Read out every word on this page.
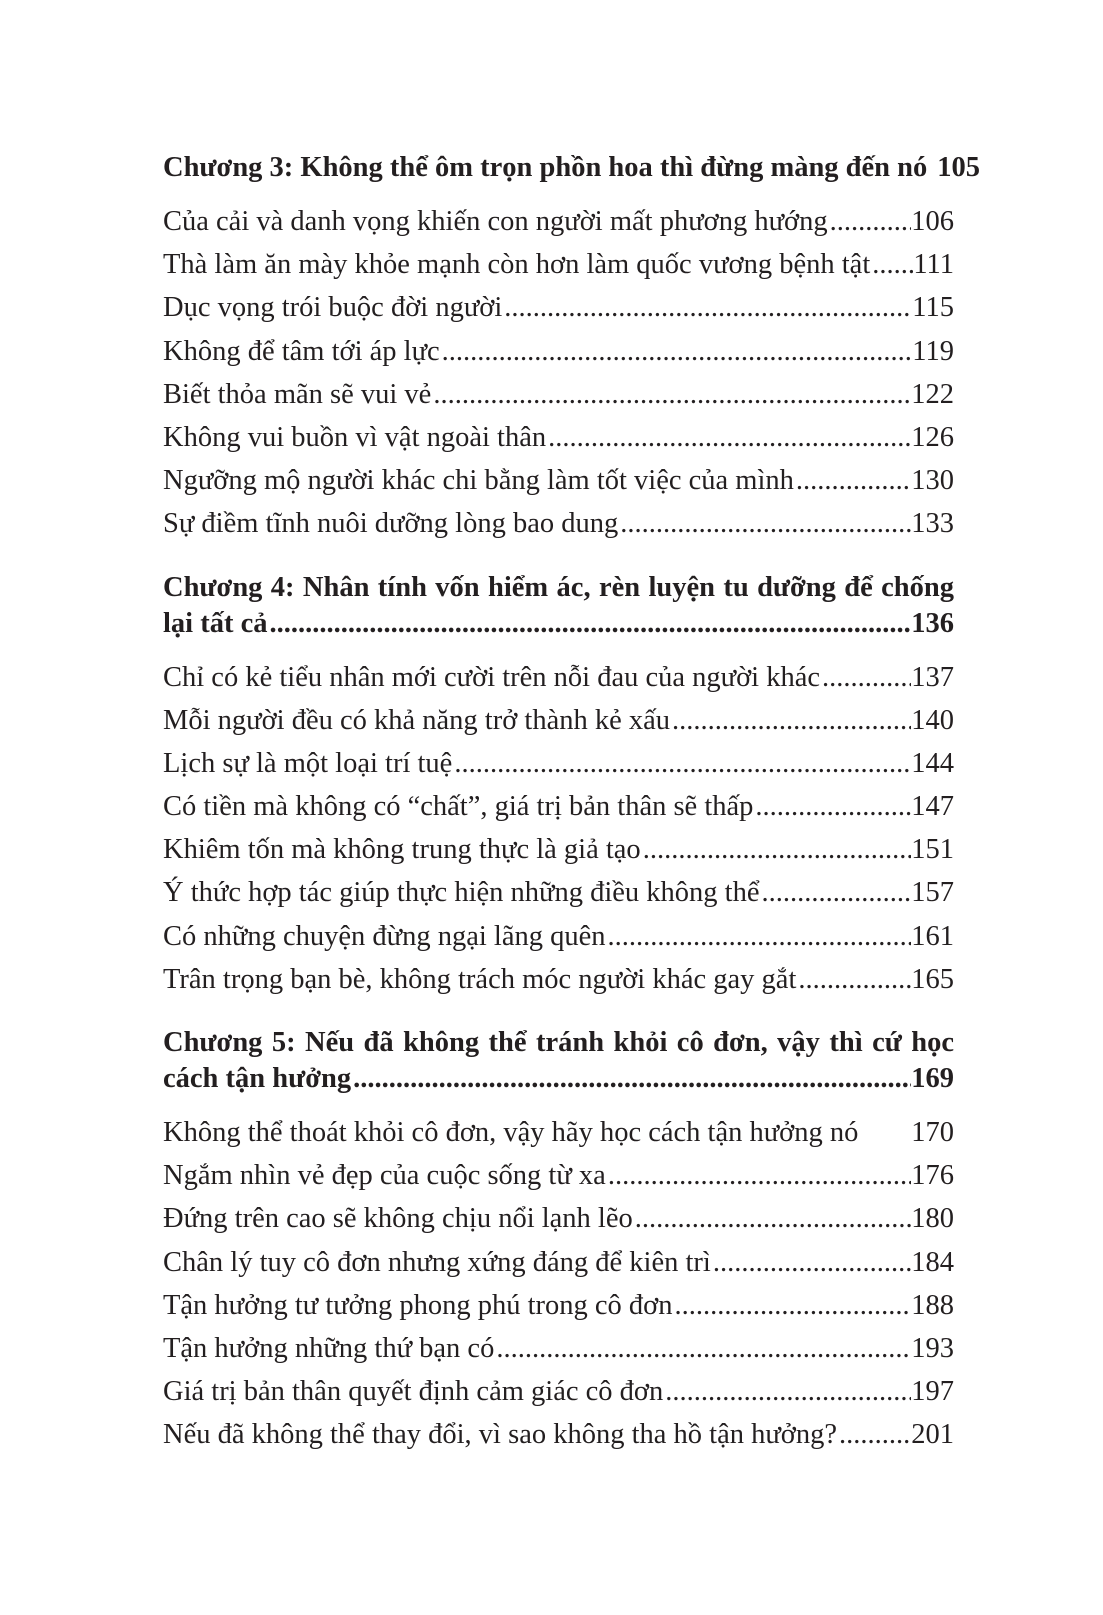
Chương 3: Không thể ôm trọn phồn hoa thì đừng màng đến nó 105
Của cải và danh vọng khiến con người mất phương hướng .....	106
Thà làm ăn mày khỏe mạnh còn hơn làm quốc vương bệnh tật ..... 111
Dục vọng trói buộc đời người .....	115
Không để tâm tới áp lực .....	119
Biết thỏa mãn sẽ vui vẻ .....	122
Không vui buồn vì vật ngoài thân .....	126
Ngưỡng mộ người khác chi bằng làm tốt việc của mình .....	130
Sự điềm tĩnh nuôi dưỡng lòng bao dung .....	133
Chương 4: Nhân tính vốn hiểm ác, rèn luyện tu dưỡng để chống
lại tất cả .....	136
Chỉ có kẻ tiểu nhân mới cười trên nỗi đau của người khác .....	137
Mỗi người đều có khả năng trở thành kẻ xấu .....	140
Lịch sự là một loại trí tuệ .....	144
Có tiền mà không có “chất”, giá trị bản thân sẽ thấp .....	147
Khiêm tốn mà không trung thực là giả tạo .....	151
Ý thức hợp tác giúp thực hiện những điều không thể .....	157
Có những chuyện đừng ngại lãng quên .....	161
Trân trọng bạn bè, không trách móc người khác gay gắt .....	165
Chương 5: Nếu đã không thể tránh khỏi cô đơn, vậy thì cứ học
cách tận hưởng .....	169
Không thể thoát khỏi cô đơn, vậy hãy học cách tận hưởng nó 170
Ngắm nhìn vẻ đẹp của cuộc sống từ xa .....	176
Đứng trên cao sẽ không chịu nổi lạnh lẽo .....	180
Chân lý tuy cô đơn nhưng xứng đáng để kiên trì .....	184
Tận hưởng tư tưởng phong phú trong cô đơn .....	188
Tận hưởng những thứ bạn có .....	193
Giá trị bản thân quyết định cảm giác cô đơn .....	197
Nếu đã không thể thay đổi, vì sao không tha hồ tận hưởng? .....	201
